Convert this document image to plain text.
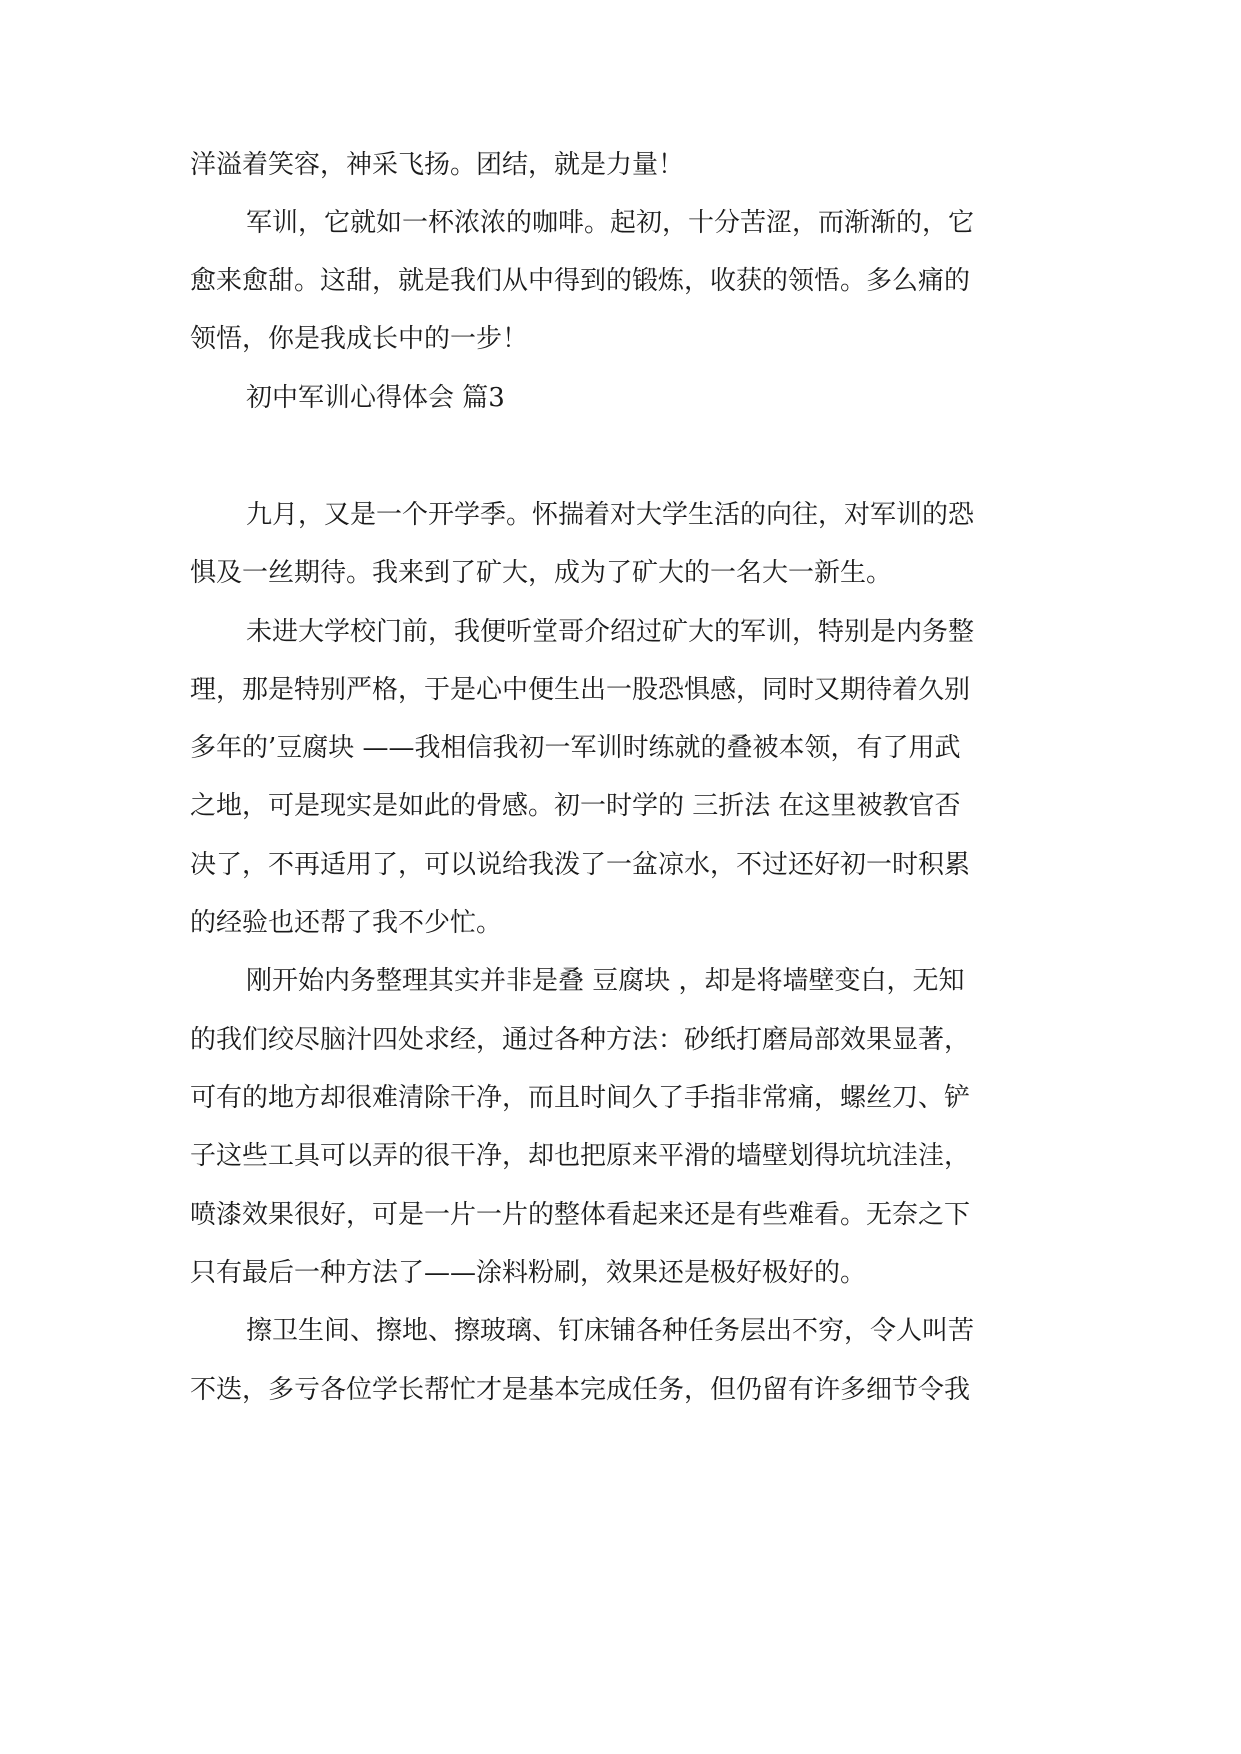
洋溢着笑容，神采飞扬。团结，就是力量！
军训，它就如一杯浓浓的咖啡。起初，十分苦涩，而渐渐的，它
愈来愈甜。这甜，就是我们从中得到的锻炼，收获的领悟。多么痛的
领悟，你是我成长中的一步！
初中军训心得体会 篇3
九月，又是一个开学季。怀揣着对大学生活的向往，对军训的恐
惧及一丝期待。我来到了矿大，成为了矿大的一名大一新生。
未进大学校门前，我便听堂哥介绍过矿大的军训，特别是内务整
理，那是特别严格，于是心中便生出一股恐惧感，同时又期待着久别
多年的’豆腐块 ——我相信我初一军训时练就的叠被本领，有了用武
之地，可是现实是如此的骨感。初一时学的 三折法 在这里被教官否
决了，不再适用了，可以说给我泼了一盆凉水，不过还好初一时积累
的经验也还帮了我不少忙。
刚开始内务整理其实并非是叠 豆腐块 ，却是将墙壁变白，无知
的我们绞尽脑汁四处求经，通过各种方法：砂纸打磨局部效果显著，
可有的地方却很难清除干净，而且时间久了手指非常痛，螺丝刀、铲
子这些工具可以弄的很干净，却也把原来平滑的墙壁划得坑坑洼洼，
喷漆效果很好，可是一片一片的整体看起来还是有些难看。无奈之下
只有最后一种方法了——涂料粉刷，效果还是极好极好的。
擦卫生间、擦地、擦玻璃、钉床铺各种任务层出不穷，令人叫苦
不迭，多亏各位学长帮忙才是基本完成任务，但仍留有许多细节令我
